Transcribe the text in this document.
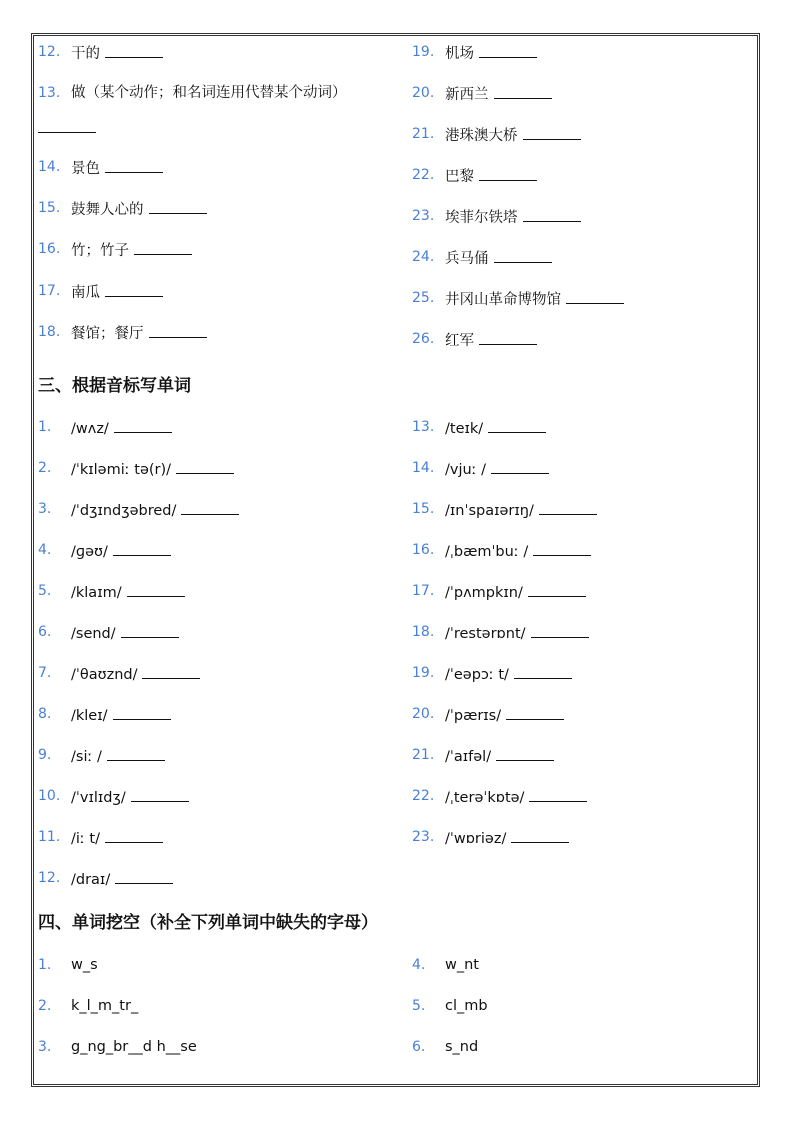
12. 干的
13. 做（某个动作；和名词连用代替某个动词）
14. 景色
15. 鼓舞人心的
16. 竹；竹子
17. 南瓜
18. 餐馆；餐厅
19. 机场
20. 新西兰
21. 港珠澳大桥
22. 巴黎
23. 埃菲尔铁塔
24. 兵马俑
25. 井冈山革命博物馆
26. 红军
三、根据音标写单词
1. /wʌz/
2. /ˈkɪləmiː tə(r)/
3. /ˈdʒɪndʒəbred/
4. /ɡəʊ/
5. /klaɪm/
6. /send/
7. /ˈθaʊznd/
8. /kleɪ/
9. /siː /
10. /ˈvɪlɪdʒ/
11. /iː t/
12. /draɪ/
13. /teɪk/
14. /vjuː /
15. /ɪnˈspaɪərɪŋ/
16. /ˌbæmˈbuː /
17. /ˈpʌmpkɪn/
18. /ˈrestərɒnt/
19. /ˈeəpɔː t/
20. /ˈpærɪs/
21. /ˈaɪfəl/
22. /ˌterəˈkɒtə/
23. /ˈwɒriəz/
四、单词挖空（补全下列单词中缺失的字母）
1. w_s
2. k_l_m_tr_
3. g_ng_br__d h__se
4. w_nt
5. cl_mb
6. s_nd
